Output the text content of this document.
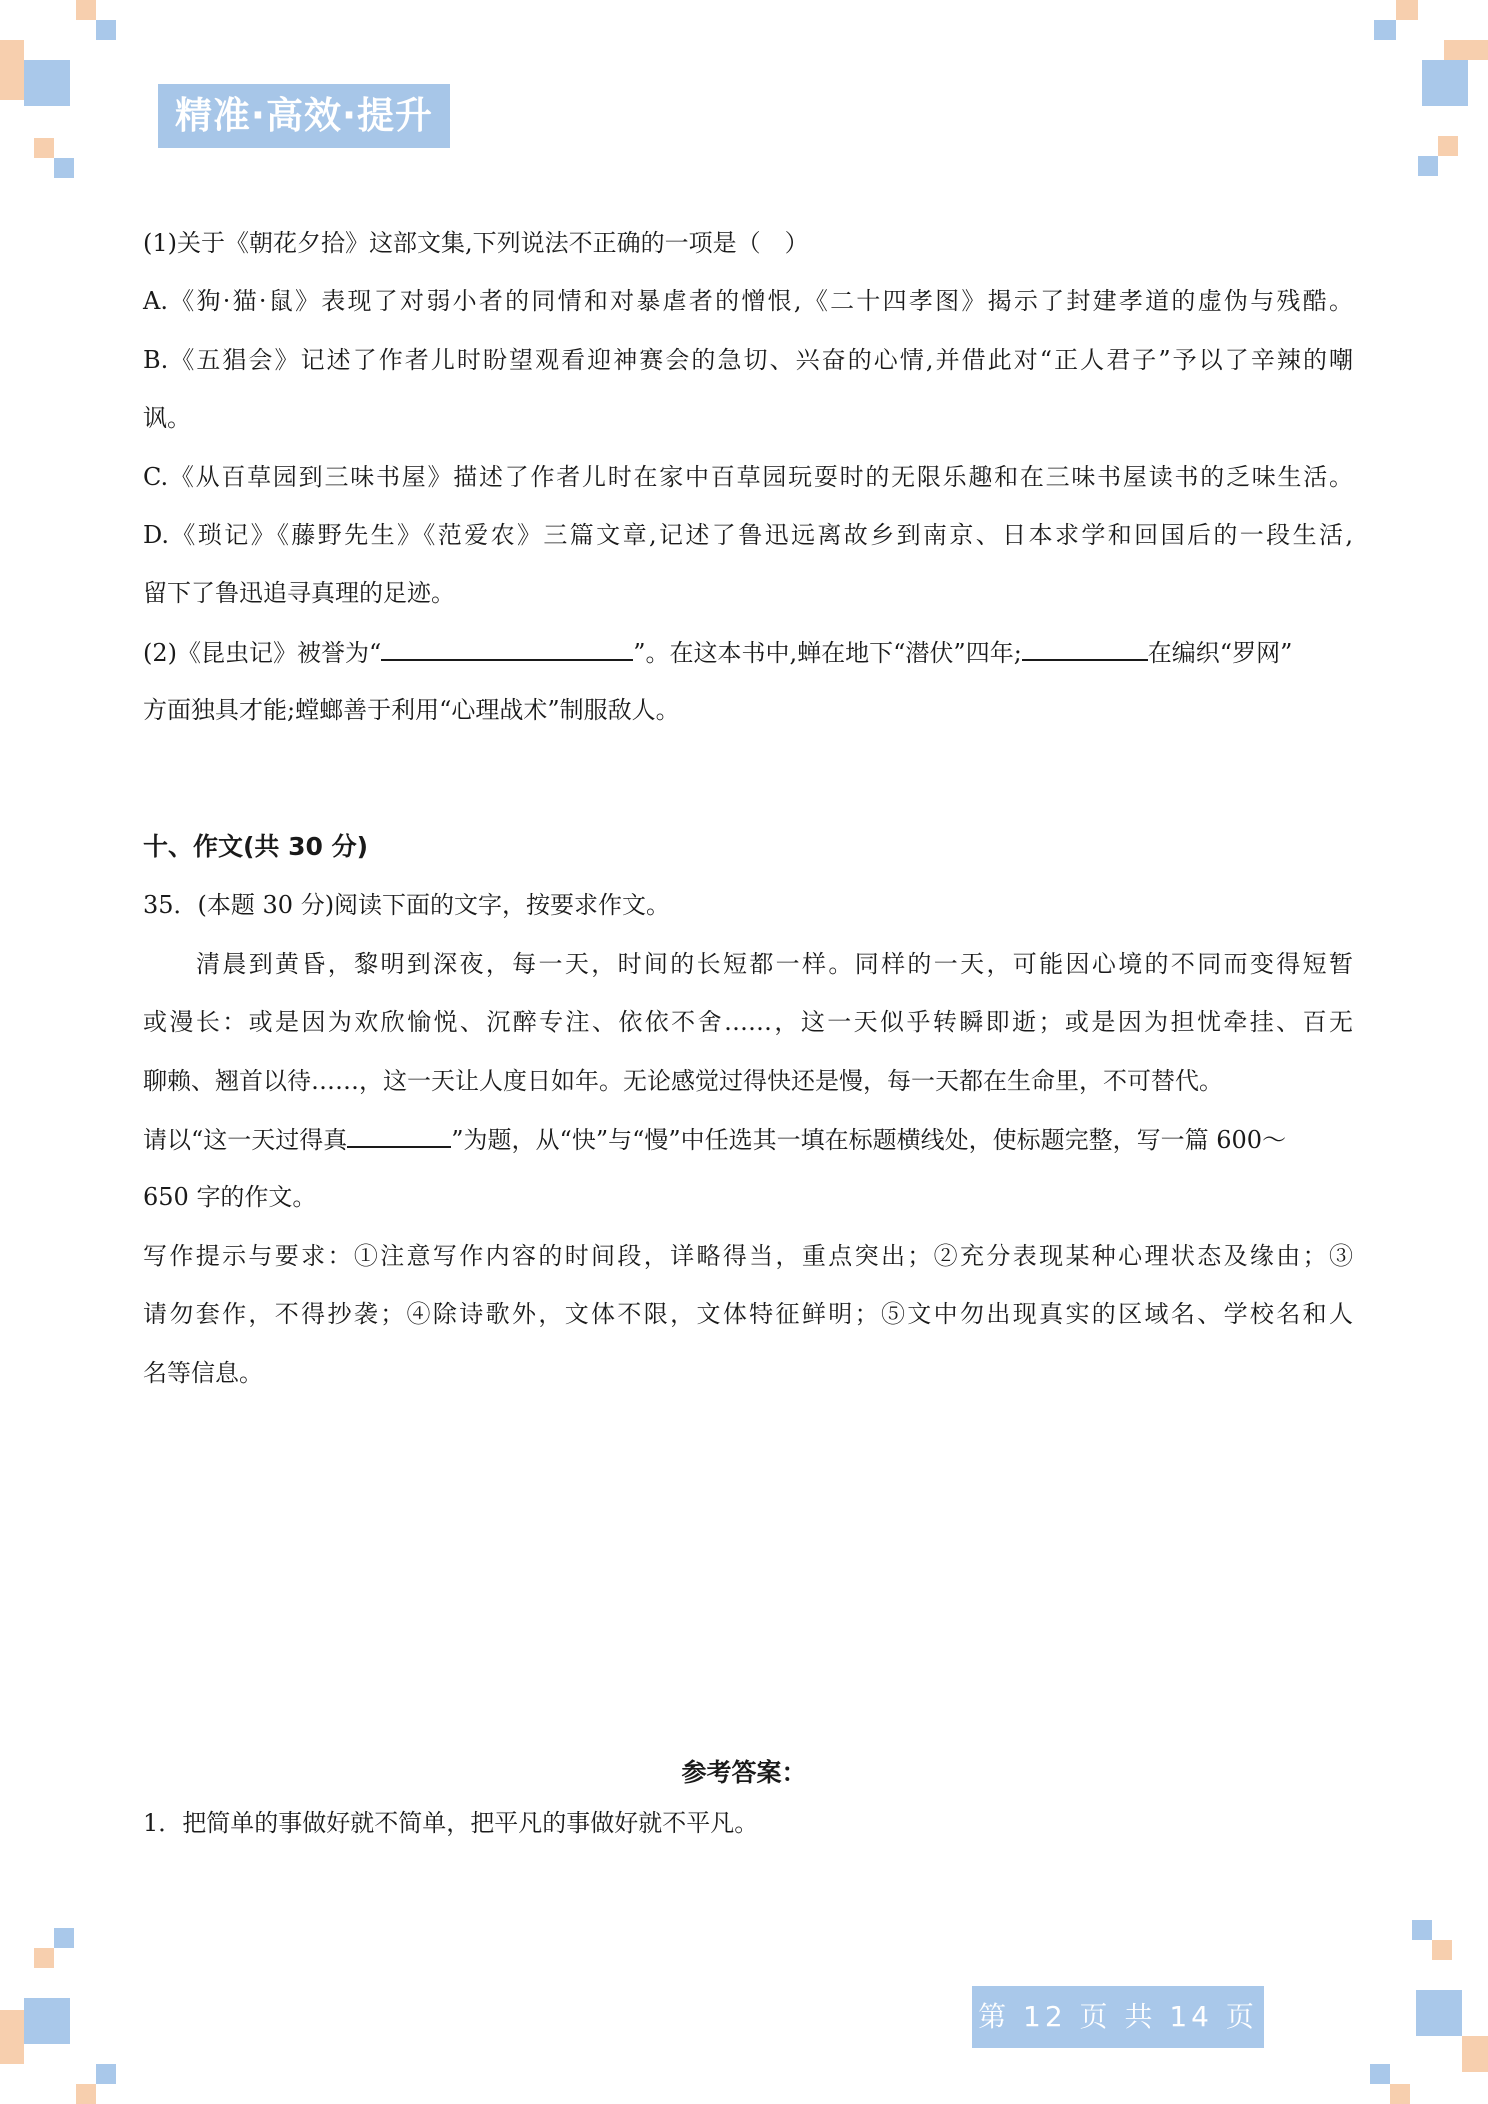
精准·高效·提升
(1)关于《朝花夕拾》这部文集,下列说法不正确的一项是（　）
A.《狗·猫·鼠》表现了对弱小者的同情和对暴虐者的憎恨,《二十四孝图》揭示了封建孝道的虚伪与残酷。
B.《五猖会》记述了作者儿时盼望观看迎神赛会的急切、兴奋的心情,并借此对“正人君子”予以了辛辣的嘲
讽。
C.《从百草园到三味书屋》描述了作者儿时在家中百草园玩耍时的无限乐趣和在三味书屋读书的乏味生活。
D.《琐记》《藤野先生》《范爱农》三篇文章,记述了鲁迅远离故乡到南京、日本求学和回国后的一段生活,
留下了鲁迅追寻真理的足迹。
(2)《昆虫记》被誉为“	”。在这本书中,蝉在地下“潜伏”四年;	在编织“罗网”
方面独具才能;螳螂善于利用“心理战术”制服敌人。
十、作文(共 30 分)
35．(本题 30 分)阅读下面的文字，按要求作文。
清晨到黄昏，黎明到深夜，每一天，时间的长短都一样。同样的一天，可能因心境的不同而变得短暂
或漫长：或是因为欢欣愉悦、沉醉专注、依依不舍……，这一天似乎转瞬即逝；或是因为担忧牵挂、百无
聊赖、翘首以待……，这一天让人度日如年。无论感觉过得快还是慢，每一天都在生命里，不可替代。
请以“这一天过得真	”为题，从“快”与“慢”中任选其一填在标题横线处，使标题完整，写一篇 600～
650 字的作文。
写作提示与要求：①注意写作内容的时间段，详略得当，重点突出；②充分表现某种心理状态及缘由；③
请勿套作，不得抄袭；④除诗歌外，文体不限，文体特征鲜明；⑤文中勿出现真实的区域名、学校名和人
名等信息。
参考答案：
1．把简单的事做好就不简单，把平凡的事做好就不平凡。
第 12 页 共 14 页
